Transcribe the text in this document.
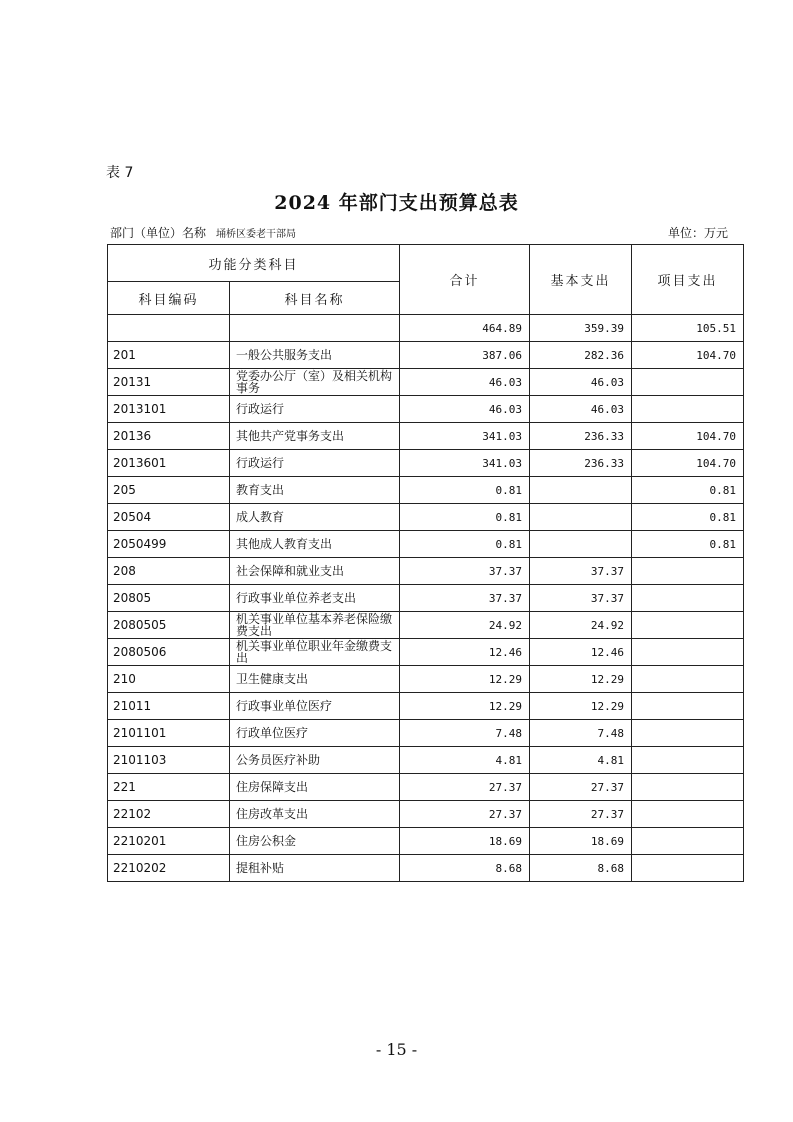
表 7
2024 年部门支出预算总表
部门（单位）名称 埇桥区委老干部局	单位：万元
功能分类科目		合计	基本支出	项目支出
科目编码	科目名称			
		464.89	359.39	105.51
201	一般公共服务支出	387.06	282.36	104.70
20131	党委办公厅（室）及相关机构事务	46.03	46.03	
2013101	行政运行	46.03	46.03	
20136	其他共产党事务支出	341.03	236.33	104.70
2013601	行政运行	341.03	236.33	104.70
205	教育支出	0.81		0.81
20504	成人教育	0.81		0.81
2050499	其他成人教育支出	0.81		0.81
208	社会保障和就业支出	37.37	37.37	
20805	行政事业单位养老支出	37.37	37.37	
2080505	机关事业单位基本养老保险缴费支出	24.92	24.92	
2080506	机关事业单位职业年金缴费支出	12.46	12.46	
210	卫生健康支出	12.29	12.29	
21011	行政事业单位医疗	12.29	12.29	
2101101	行政单位医疗	7.48	7.48	
2101103	公务员医疗补助	4.81	4.81	
221	住房保障支出	27.37	27.37	
22102	住房改革支出	27.37	27.37	
2210201	住房公积金	18.69	18.69	
2210202	提租补贴	8.68	8.68	
- 15 -
